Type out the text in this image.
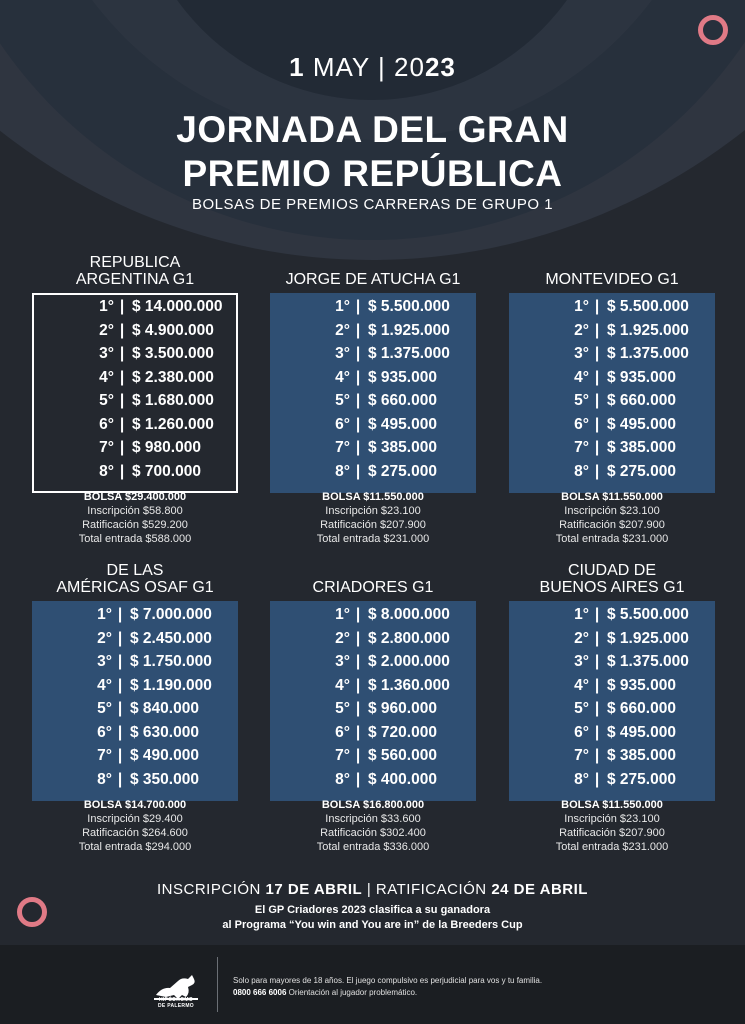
1 MAY | 2023
JORNADA DEL GRAN
PREMIO REPÚBLICA
BOLSAS DE PREMIOS CARRERAS DE GRUPO 1
REPUBLICA
ARGENTINA G1
1° | $ 14.000.000
2° | $ 4.900.000
3° | $ 3.500.000
4° | $ 2.380.000
5° | $ 1.680.000
6° | $ 1.260.000
7° | $ 980.000
8° | $ 700.000
BOLSA $29.400.000
Inscripción $58.800
Ratificación $529.200
Total entrada $588.000
JORGE DE ATUCHA G1
1° | $ 5.500.000
2° | $ 1.925.000
3° | $ 1.375.000
4° | $ 935.000
5° | $ 660.000
6° | $ 495.000
7° | $ 385.000
8° | $ 275.000
BOLSA $11.550.000
Inscripción $23.100
Ratificación $207.900
Total entrada $231.000
MONTEVIDEO G1
1° | $ 5.500.000
2° | $ 1.925.000
3° | $ 1.375.000
4° | $ 935.000
5° | $ 660.000
6° | $ 495.000
7° | $ 385.000
8° | $ 275.000
BOLSA $11.550.000
Inscripción $23.100
Ratificación $207.900
Total entrada $231.000
DE LAS
AMÉRICAS OSAF G1
1° | $ 7.000.000
2° | $ 2.450.000
3° | $ 1.750.000
4° | $ 1.190.000
5° | $ 840.000
6° | $ 630.000
7° | $ 490.000
8° | $ 350.000
BOLSA $14.700.000
Inscripción $29.400
Ratificación $264.600
Total entrada $294.000
CRIADORES G1
1° | $ 8.000.000
2° | $ 2.800.000
3° | $ 2.000.000
4° | $ 1.360.000
5° | $ 960.000
6° | $ 720.000
7° | $ 560.000
8° | $ 400.000
BOLSA $16.800.000
Inscripción $33.600
Ratificación $302.400
Total entrada $336.000
CIUDAD DE
BUENOS AIRES G1
1° | $ 5.500.000
2° | $ 1.925.000
3° | $ 1.375.000
4° | $ 935.000
5° | $ 660.000
6° | $ 495.000
7° | $ 385.000
8° | $ 275.000
BOLSA $11.550.000
Inscripción $23.100
Ratificación $207.900
Total entrada $231.000
INSCRIPCIÓN 17 DE ABRIL | RATIFICACIÓN 24 DE ABRIL
El GP Criadores 2023 clasifica a su ganadora
al Programa “You win and You are in” de la Breeders Cup
HIPÓDROMO
DE PALERMO
Solo para mayores de 18 años. El juego compulsivo es perjudicial para vos y tu familia.
0800 666 6006 Orientación al jugador problemático.
